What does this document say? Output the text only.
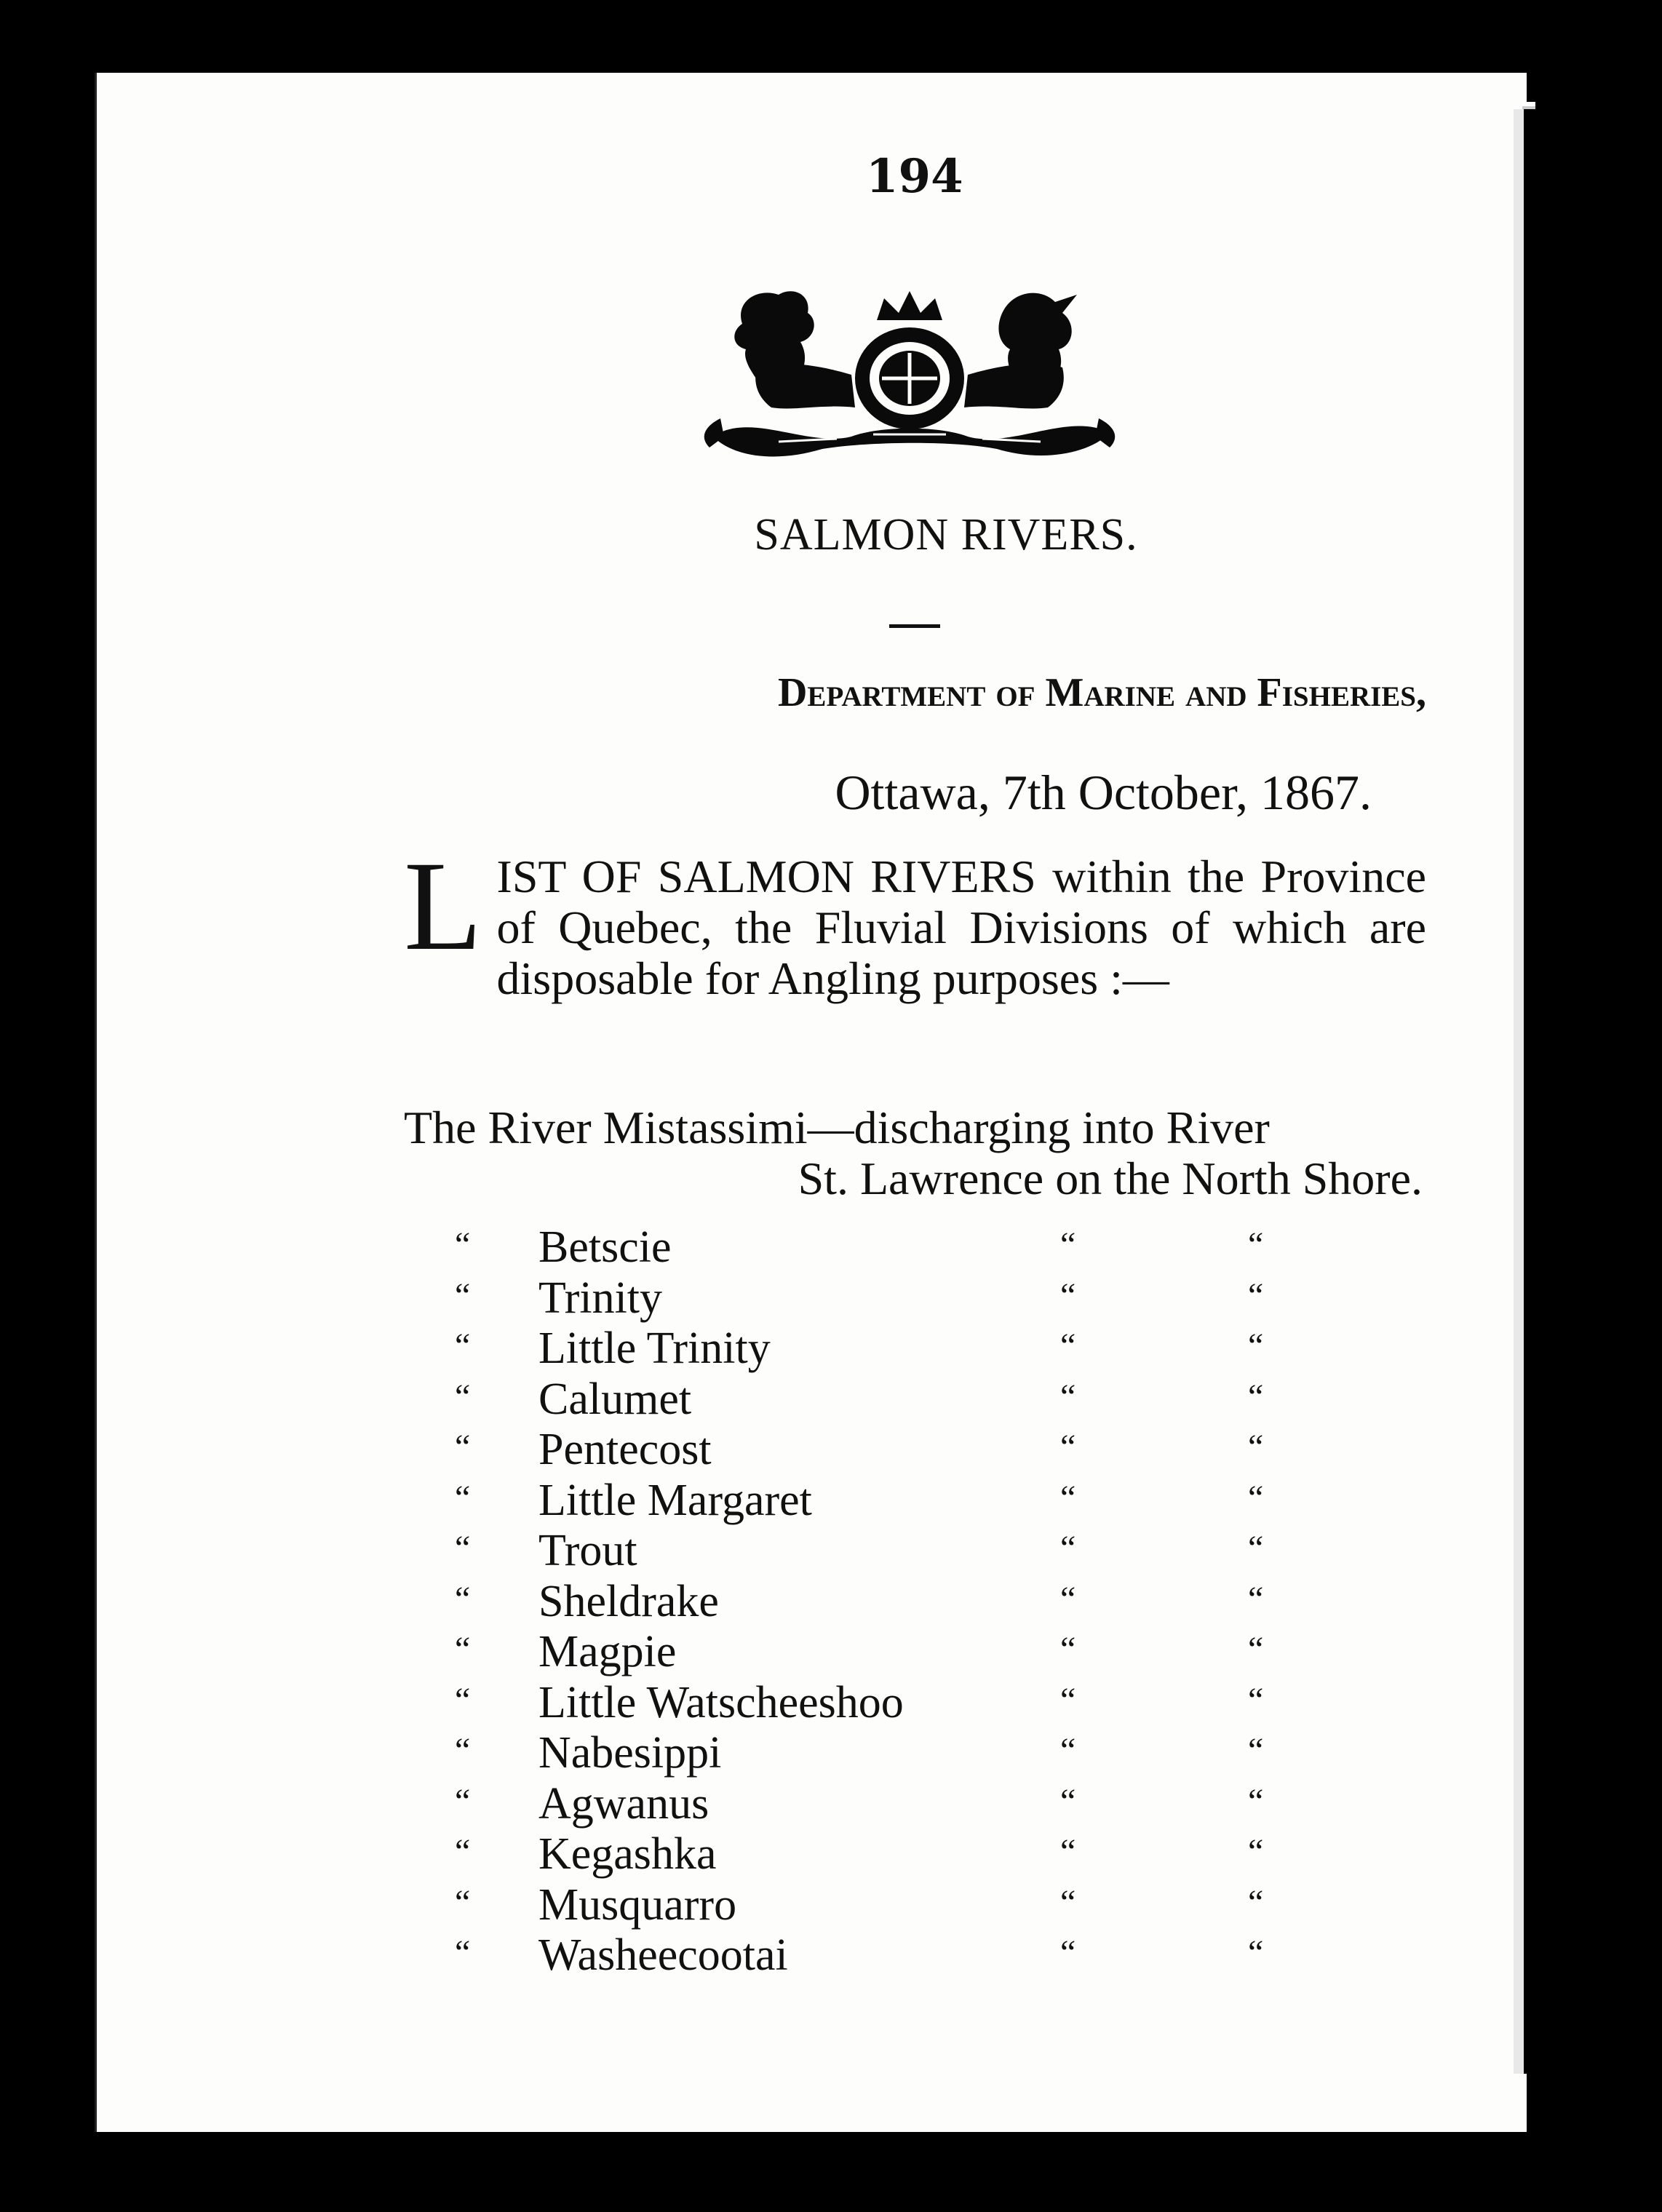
194
SALMON RIVERS.
Department of Marine and Fisheries,
Ottawa, 7th October, 1867.
L IST OF SALMON RIVERS within the Province of Quebec, the Fluvial Divisions of which are disposable for Angling purposes :—
The River Mistassimi—discharging into River
St. Lawrence on the North Shore.
“ Betscie	“	“
“ Trinity	“	“
“ Little Trinity	“	“
“ Calumet	“	“
“ Pentecost	“	“
“ Little Margaret	“	“
“ Trout	“	“
“ Sheldrake	“	“
“ Magpie	“	“
“ Little Watscheeshoo	“	“
“ Nabesippi	“	“
“ Agwanus	“	“
“ Kegashka	“	“
“ Musquarro	“	“
“ Washeecootai	“	“
